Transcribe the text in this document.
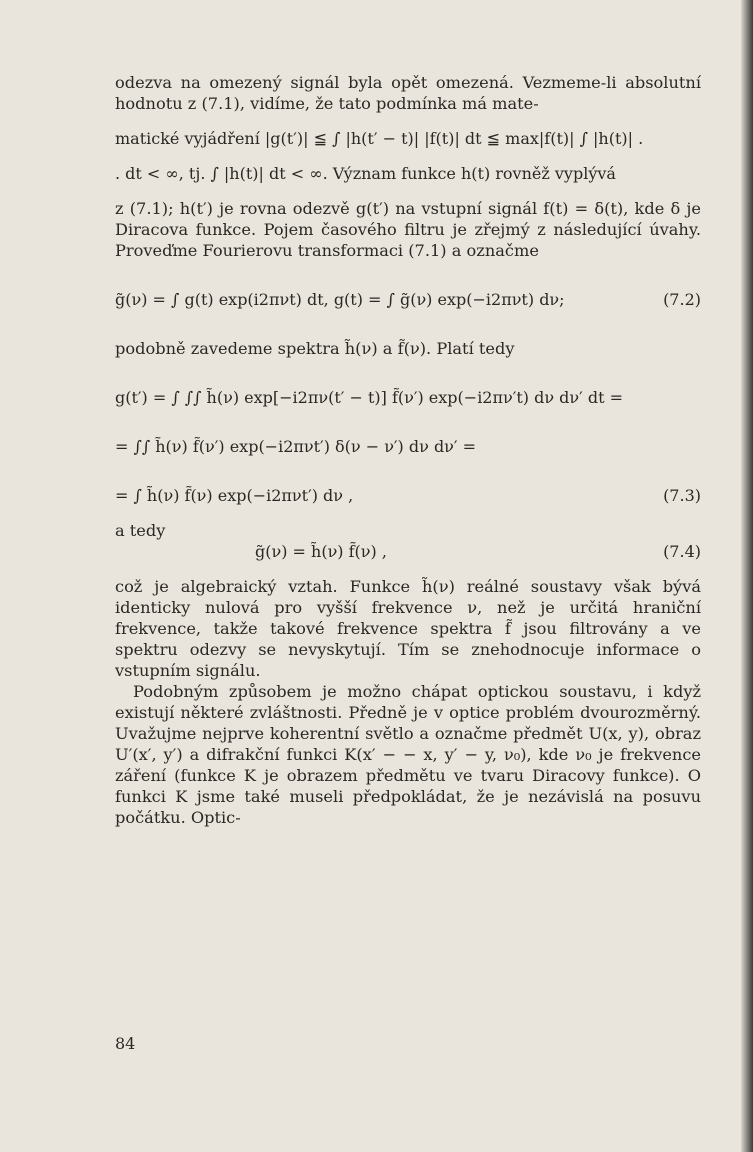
odezva na omezený signál byla opět omezená. Vezmeme-li absolutní hodnotu z (7.1), vidíme, že tato podmínka má mate-

matické vyjádření |g(t′)| ≦ ∫ |h(t′ − t)| |f(t)| dt ≦ max|f(t)| ∫ |h(t)| .
. dt < ∞, tj. ∫ |h(t)| dt < ∞. Význam funkce h(t) rovněž vyplývá

z (7.1); h(t′) je rovna odezvě g(t′) na vstupní signál f(t) = δ(t), kde δ je Diracova funkce. Pojem časového filtru je zřejmý z následující úvahy. Proveďme Fourierovu transformaci (7.1) a označme

g̃(ν) = ∫ g(t) exp(i2πνt) dt, g(t) = ∫ g̃(ν) exp(−i2πνt) dν;	(7.2)

podobně zavedeme spektra h̃(ν) a f̃(ν). Platí tedy

g(t′) = ∫ ∫∫ h̃(ν) exp[−i2πν(t′ − t)] f̃(ν′) exp(−i2πν′t) dν dν′ dt =
= ∫∫ h̃(ν) f̃(ν′) exp(−i2πνt′) δ(ν − ν′) dν dν′ =
= ∫ h̃(ν) f̃(ν) exp(−i2πνt′) dν ,	(7.3)

a tedy

g̃(ν) = h̃(ν) f̃(ν) ,	(7.4)

což je algebraický vztah. Funkce h̃(ν) reálné soustavy však bývá identicky nulová pro vyšší frekvence ν, než je určitá hraniční frekvence, takže takové frekvence spektra f̃ jsou filtrovány a ve spektru odezvy se nevyskytují. Tím se znehodnocuje informace o vstupním signálu.

Podobným způsobem je možno chápat optickou soustavu, i když existují některé zvláštnosti. Předně je v optice problém dvourozměrný. Uvažujme nejprve koherentní světlo a označme předmět U(x, y), obraz U′(x′, y′) a difrakční funkci K(x′ − − x, y′ − y, ν₀), kde ν₀ je frekvence záření (funkce K je obrazem předmětu ve tvaru Diracovy funkce). O funkci K jsme také museli předpokládat, že je nezávislá na posuvu počátku. Optic-

84
